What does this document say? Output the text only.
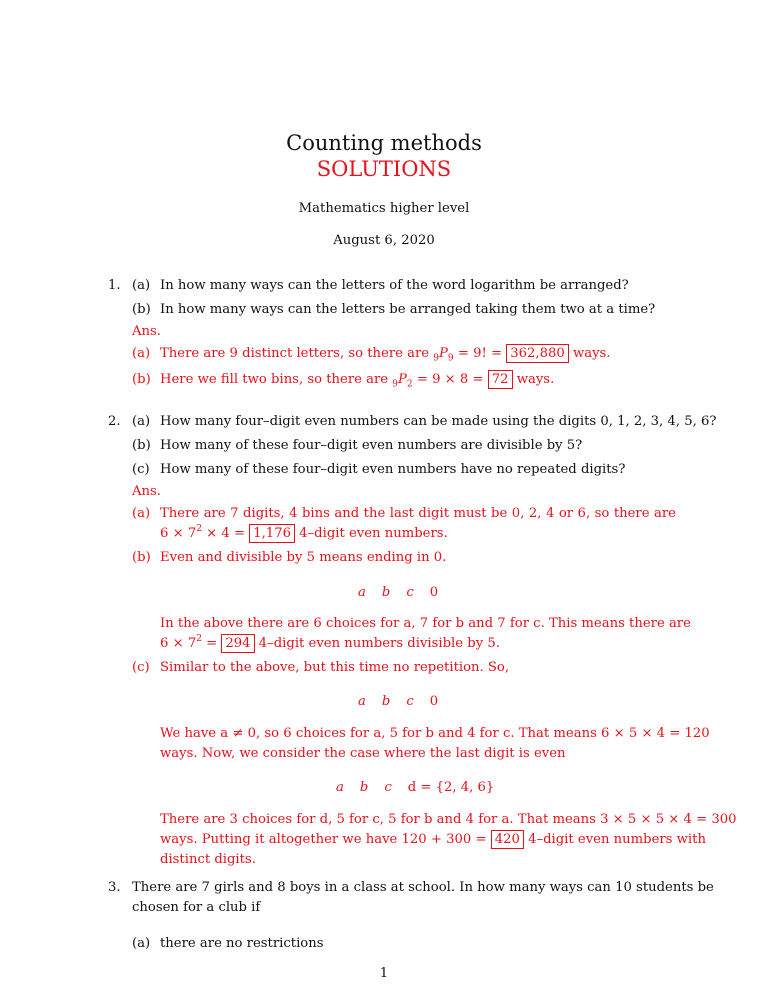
Counting methods
SOLUTIONS
Mathematics higher level
August 6, 2020
1. (a) In how many ways can the letters of the word logarithm be arranged?
(b) In how many ways can the letters be arranged taking them two at a time?
Ans.
(a) There are 9 distinct letters, so there are $_9P_9 = 9$! = 362,880 ways.
(b) Here we fill two bins, so there are $_9P_2 = 9 \times 8 = 72$ ways.
2. (a) How many four–digit even numbers can be made using the digits 0, 1, 2, 3, 4, 5, 6?
(b) How many of these four–digit even numbers are divisible by 5?
(c) How many of these four–digit even numbers have no repeated digits?
Ans.
(a) There are 7 digits, 4 bins and the last digit must be 0, 2, 4 or 6, so there are
$6 \times 7^2 \times 4 = 1,176$ 4–digit even numbers.
(b) Even and divisible by 5 means ending in 0.
a b c 0
In the above there are 6 choices for a, 7 for b and 7 for c. This means there are
$6 \times 7^2 = 294$ 4–digit even numbers divisible by 5.
(c) Similar to the above, but this time no repetition. So,
a b c 0
We have a ≠ 0, so 6 choices for a, 5 for b and 4 for c. That means 6 × 5 × 4 = 120
ways. Now, we consider the case where the last digit is even
a b c d = {2, 4, 6}
There are 3 choices for d, 5 for c, 5 for b and 4 for a. That means 3 × 5 × 5 × 4 = 300
ways. Putting it altogether we have 120 + 300 = 420 4–digit even numbers with
distinct digits.
3. There are 7 girls and 8 boys in a class at school. In how many ways can 10 students be
chosen for a club if
(a) there are no restrictions
1
